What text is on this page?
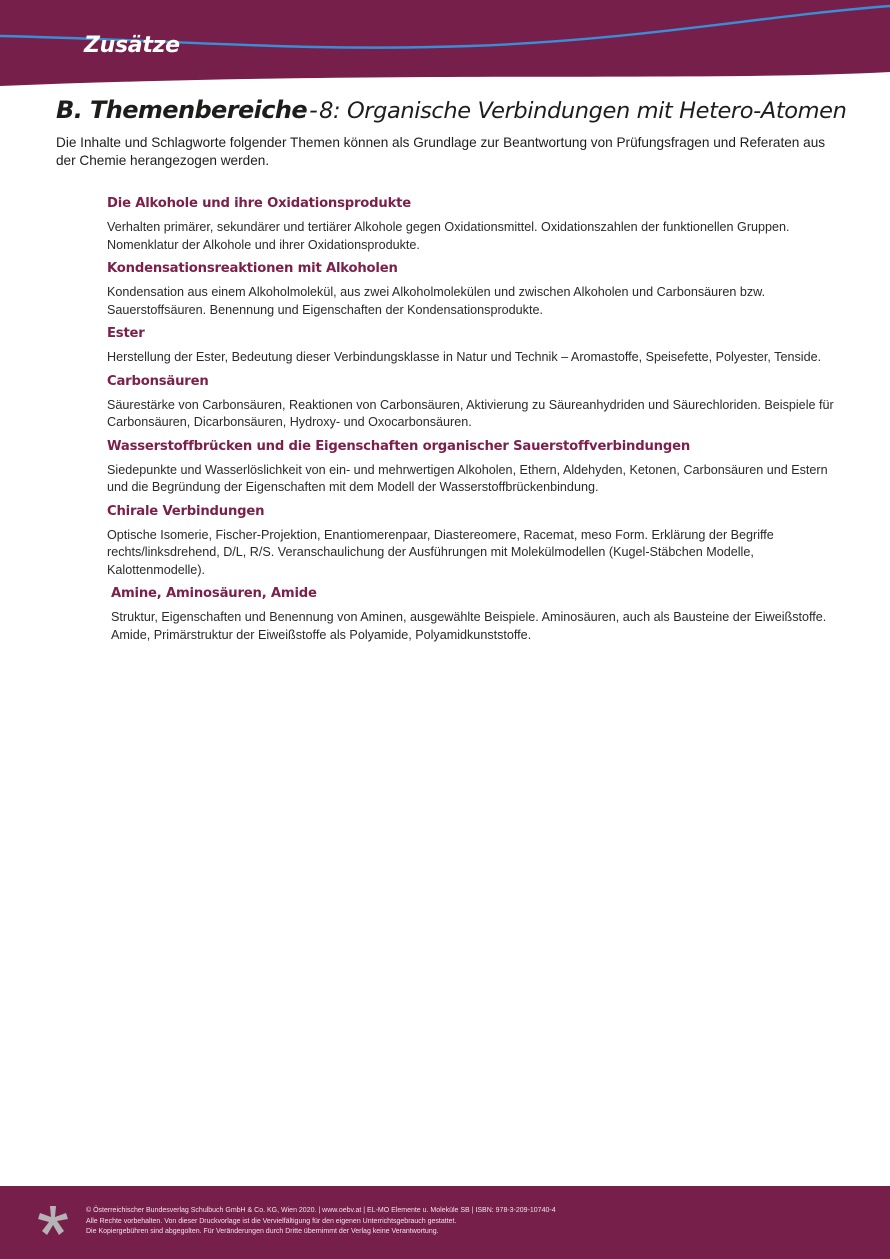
Zusätze
B. Themenbereiche-8: Organische Verbindungen mit Hetero-Atomen
Die Inhalte und Schlagworte folgender Themen können als Grundlage zur Beantwortung von Prüfungsfragen und Referaten aus der Chemie herangezogen werden.
Die Alkohole und ihre Oxidationsprodukte
Verhalten primärer, sekundärer und tertiärer Alkohole gegen Oxidationsmittel. Oxidationszahlen der funktionellen Gruppen. Nomenklatur der Alkohole und ihrer Oxidationsprodukte.
Kondensationsreaktionen mit Alkoholen
Kondensation aus einem Alkoholmolekül, aus zwei Alkoholmolekülen und zwischen Alkoholen und Carbonsäuren bzw. Sauerstoffsäuren. Benennung und Eigenschaften der Kondensationsprodukte.
Ester
Herstellung der Ester, Bedeutung dieser Verbindungsklasse in Natur und Technik – Aromastoffe, Speisefette, Polyester, Tenside.
Carbonsäuren
Säurestärke von Carbonsäuren, Reaktionen von Carbonsäuren, Aktivierung zu Säureanhydriden und Säurechloriden. Beispiele für Carbonsäuren, Dicarbonsäuren, Hydroxy- und Oxocarbonsäuren.
Wasserstoffbrücken und die Eigenschaften organischer Sauerstoffverbindungen
Siedepunkte und Wasserlöslichkeit von ein- und mehrwertigen Alkoholen, Ethern, Aldehyden, Ketonen, Carbonsäuren und Estern und die Begründung der Eigenschaften mit dem Modell der Wasserstoffbrückenbindung.
Chirale Verbindungen
Optische Isomerie, Fischer-Projektion, Enantiomerenpaar, Diastereomere, Racemat, meso Form. Erklärung der Begriffe rechts/linksdrehend, D/L, R/S. Veranschaulichung der Ausführungen mit Molekülmodellen (Kugel-Stäbchen Modelle, Kalottenmodelle).
Amine, Aminosäuren, Amide
Struktur, Eigenschaften und Benennung von Aminen, ausgewählte Beispiele. Aminosäuren, auch als Bausteine der Eiweißstoffe. Amide, Primärstruktur der Eiweißstoffe als Polyamide, Polyamidkunststoffe.
© Österreichischer Bundesverlag Schulbuch GmbH & Co. KG, Wien 2020. | www.oebv.at | EL-MO Elemente u. Moleküle SB | ISBN: 978-3-209-10740-4
Alle Rechte vorbehalten. Von dieser Druckvorlage ist die Vervielfältigung für den eigenen Unterrichtsgebrauch gestattet.
Die Kopiergebühren sind abgegolten. Für Veränderungen durch Dritte übernimmt der Verlag keine Verantwortung.
